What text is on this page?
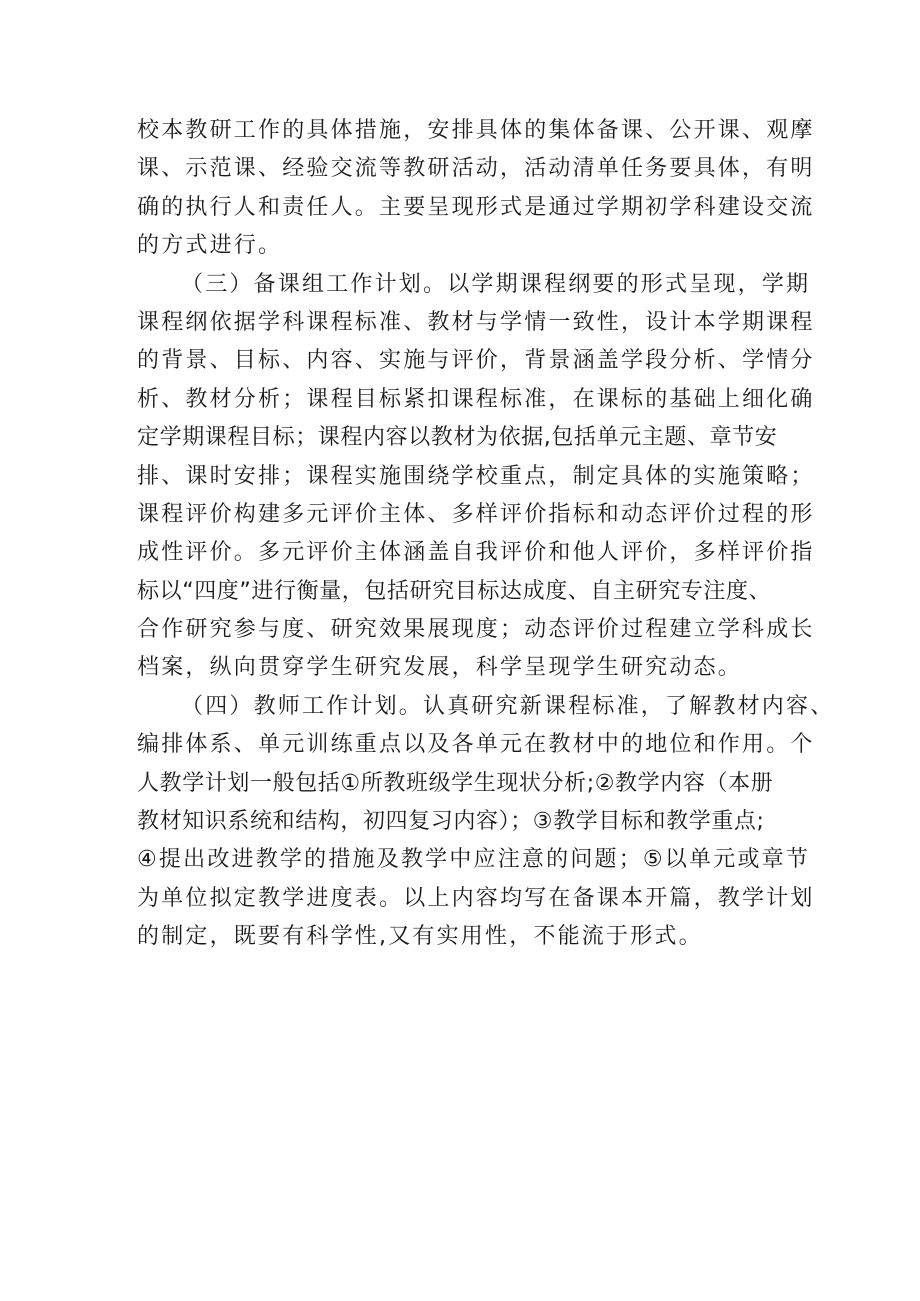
校本教研工作的具体措施，安排具体的集体备课、公开课、观摩
课、示范课、经验交流等教研活动，活动清单任务要具体，有明
确的执行人和责任人。主要呈现形式是通过学期初学科建设交流
的方式进行。
（三）备课组工作计划。以学期课程纲要的形式呈现，学期
课程纲依据学科课程标准、教材与学情一致性，设计本学期课程
的背景、目标、内容、实施与评价，背景涵盖学段分析、学情分
析、教材分析；课程目标紧扣课程标准，在课标的基础上细化确
定学期课程目标；课程内容以教材为依据,包括单元主题、章节安
排、课时安排；课程实施围绕学校重点，制定具体的实施策略；
课程评价构建多元评价主体、多样评价指标和动态评价过程的形
成性评价。多元评价主体涵盖自我评价和他人评价，多样评价指
标以“四度”进行衡量，包括研究目标达成度、自主研究专注度、
合作研究参与度、研究效果展现度；动态评价过程建立学科成长
档案，纵向贯穿学生研究发展，科学呈现学生研究动态。
（四）教师工作计划。认真研究新课程标准，了解教材内容、
编排体系、单元训练重点以及各单元在教材中的地位和作用。个
人教学计划一般包括①所教班级学生现状分析;②教学内容（本册
教材知识系统和结构，初四复习内容）；③教学目标和教学重点;
④提出改进教学的措施及教学中应注意的问题；⑤以单元或章节
为单位拟定教学进度表。以上内容均写在备课本开篇，教学计划
的制定，既要有科学性,又有实用性，不能流于形式。
